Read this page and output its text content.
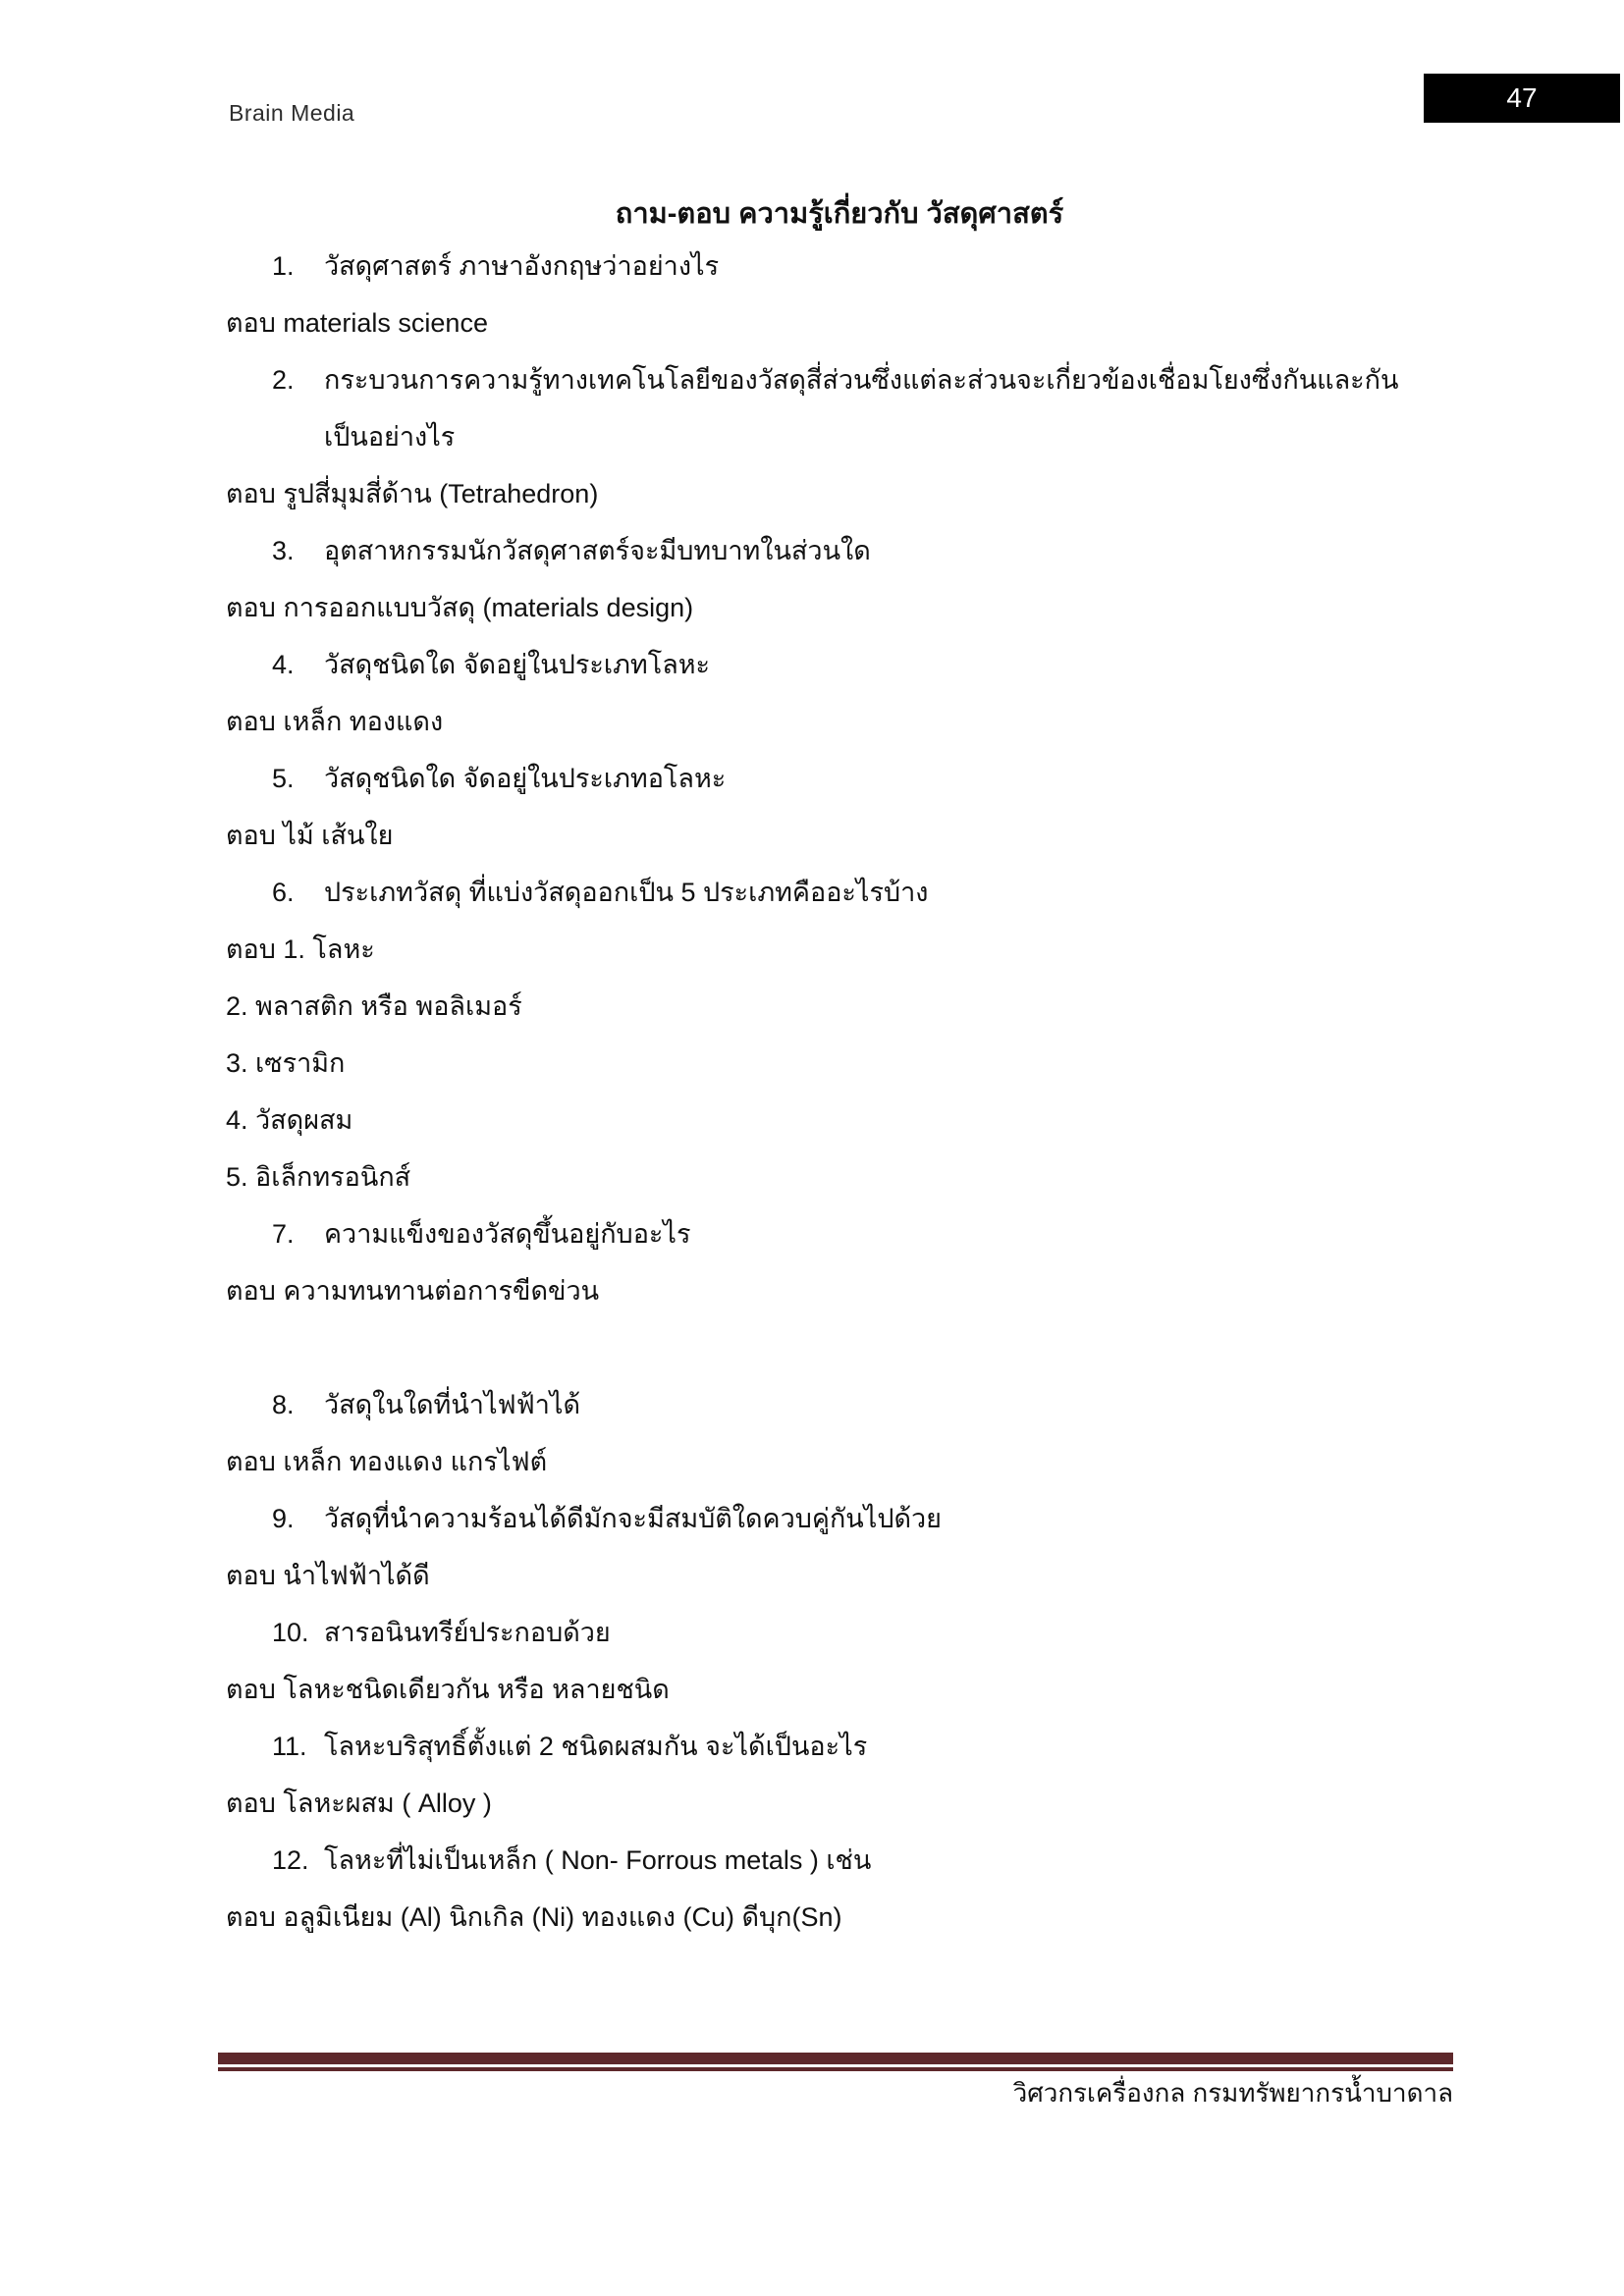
Brain Media	47
ถาม-ตอบ ความรู้เกี่ยวกับ วัสดุศาสตร์
1.	วัสดุศาสตร์ ภาษาอังกฤษว่าอย่างไร
ตอบ materials science
2.	กระบวนการความรู้ทางเทคโนโลยีของวัสดุสี่ส่วนซึ่งแต่ละส่วนจะเกี่ยวข้องเชื่อมโยงซึ่งกันและกัน
เป็นอย่างไร
ตอบ รูปสี่มุมสี่ด้าน (Tetrahedron)
3.	อุตสาหกรรมนักวัสดุศาสตร์จะมีบทบาทในส่วนใด
ตอบ การออกแบบวัสดุ (materials design)
4.	วัสดุชนิดใด จัดอยู่ในประเภทโลหะ
ตอบ เหล็ก ทองแดง
5.	วัสดุชนิดใด จัดอยู่ในประเภทอโลหะ
ตอบ ไม้ เส้นใย
6.	ประเภทวัสดุ ที่แบ่งวัสดุออกเป็น 5 ประเภทคืออะไรบ้าง
ตอบ 1. โลหะ
2. พลาสติก หรือ พอลิเมอร์
3. เซรามิก
4. วัสดุผสม
5. อิเล็กทรอนิกส์
7.	ความแข็งของวัสดุขึ้นอยู่กับอะไร
ตอบ ความทนทานต่อการขีดข่วน
8.	วัสดุในใดที่นำไฟฟ้าได้
ตอบ เหล็ก ทองแดง แกรไฟต์
9.	วัสดุที่นำความร้อนได้ดีมักจะมีสมบัติใดควบคู่กันไปด้วย
ตอบ นำไฟฟ้าได้ดี
10. สารอนินทรีย์ประกอบด้วย
ตอบ โลหะชนิดเดียวกัน หรือ หลายชนิด
11. โลหะบริสุทธิ์ตั้งแต่ 2 ชนิดผสมกัน จะได้เป็นอะไร
ตอบ โลหะผสม ( Alloy )
12. โลหะที่ไม่เป็นเหล็ก ( Non- Forrous metals ) เช่น
ตอบ อลูมิเนียม (Al) นิกเกิล (Ni) ทองแดง (Cu) ดีบุก(Sn)
วิศวกรเครื่องกล กรมทรัพยากรน้ำบาดาล
